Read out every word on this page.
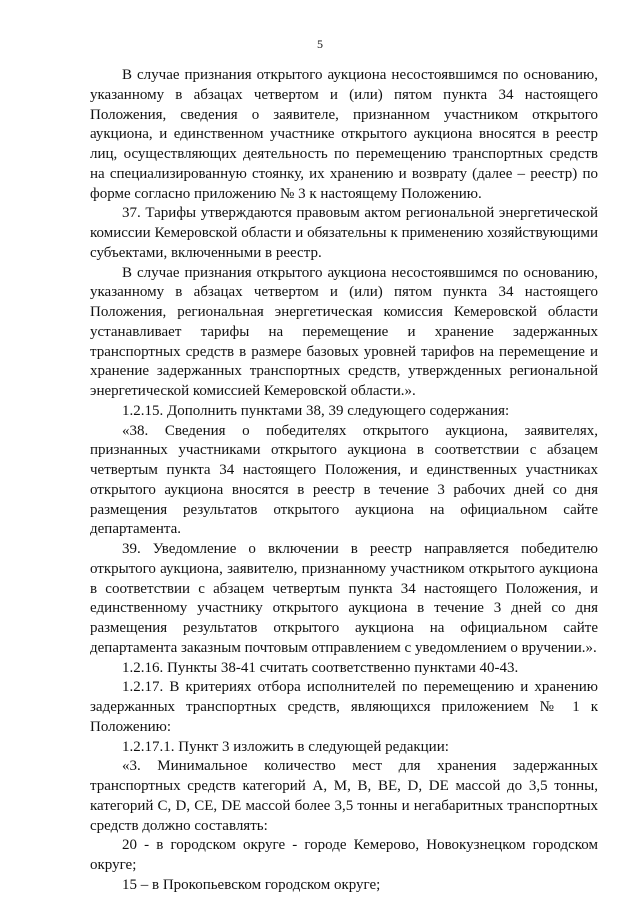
5

В случае признания открытого аукциона несостоявшимся по основанию, указанному в абзацах четвертом и (или) пятом пункта 34 настоящего Положения, сведения о заявителе, признанном участником открытого аукциона, и единственном участнике открытого аукциона вносятся в реестр лиц, осуществляющих деятельность по перемещению транспортных средств на специализированную стоянку, их хранению и возврату (далее – реестр) по форме согласно приложению № 3 к настоящему Положению.

37. Тарифы утверждаются правовым актом региональной энергетической комиссии Кемеровской области и обязательны к применению хозяйствующими субъектами, включенными в реестр.

В случае признания открытого аукциона несостоявшимся по основанию, указанному в абзацах четвертом и (или) пятом пункта 34 настоящего Положения, региональная энергетическая комиссия Кемеровской области устанавливает тарифы на перемещение и хранение задержанных транспортных средств в размере базовых уровней тарифов на перемещение и хранение задержанных транспортных средств, утвержденных региональной энергетической комиссией Кемеровской области.».

1.2.15. Дополнить пунктами 38, 39 следующего содержания:

«38. Сведения о победителях открытого аукциона, заявителях, признанных участниками открытого аукциона в соответствии с абзацем четвертым пункта 34 настоящего Положения, и единственных участниках открытого аукциона вносятся в реестр в течение 3 рабочих дней со дня размещения результатов открытого аукциона на официальном сайте департамента.

39. Уведомление о включении в реестр направляется победителю открытого аукциона, заявителю, признанному участником открытого аукциона в соответствии с абзацем четвертым пункта 34 настоящего Положения, и единственному участнику открытого аукциона в течение 3 дней со дня размещения результатов открытого аукциона на официальном сайте департамента заказным почтовым отправлением с уведомлением о вручении.».

1.2.16. Пункты 38-41 считать соответственно пунктами 40-43.

1.2.17. В критериях отбора исполнителей по перемещению и хранению задержанных транспортных средств, являющихся приложением № 1 к Положению:

1.2.17.1. Пункт 3 изложить в следующей редакции:

«3. Минимальное количество мест для хранения задержанных транспортных средств категорий A, M, B, BE, D, DE массой до 3,5 тонны, категорий C, D, CE, DE массой более 3,5 тонны и негабаритных транспортных средств должно составлять:

20 - в городском округе - городе Кемерово, Новокузнецком городском округе;

15 – в Прокопьевском городском округе;
